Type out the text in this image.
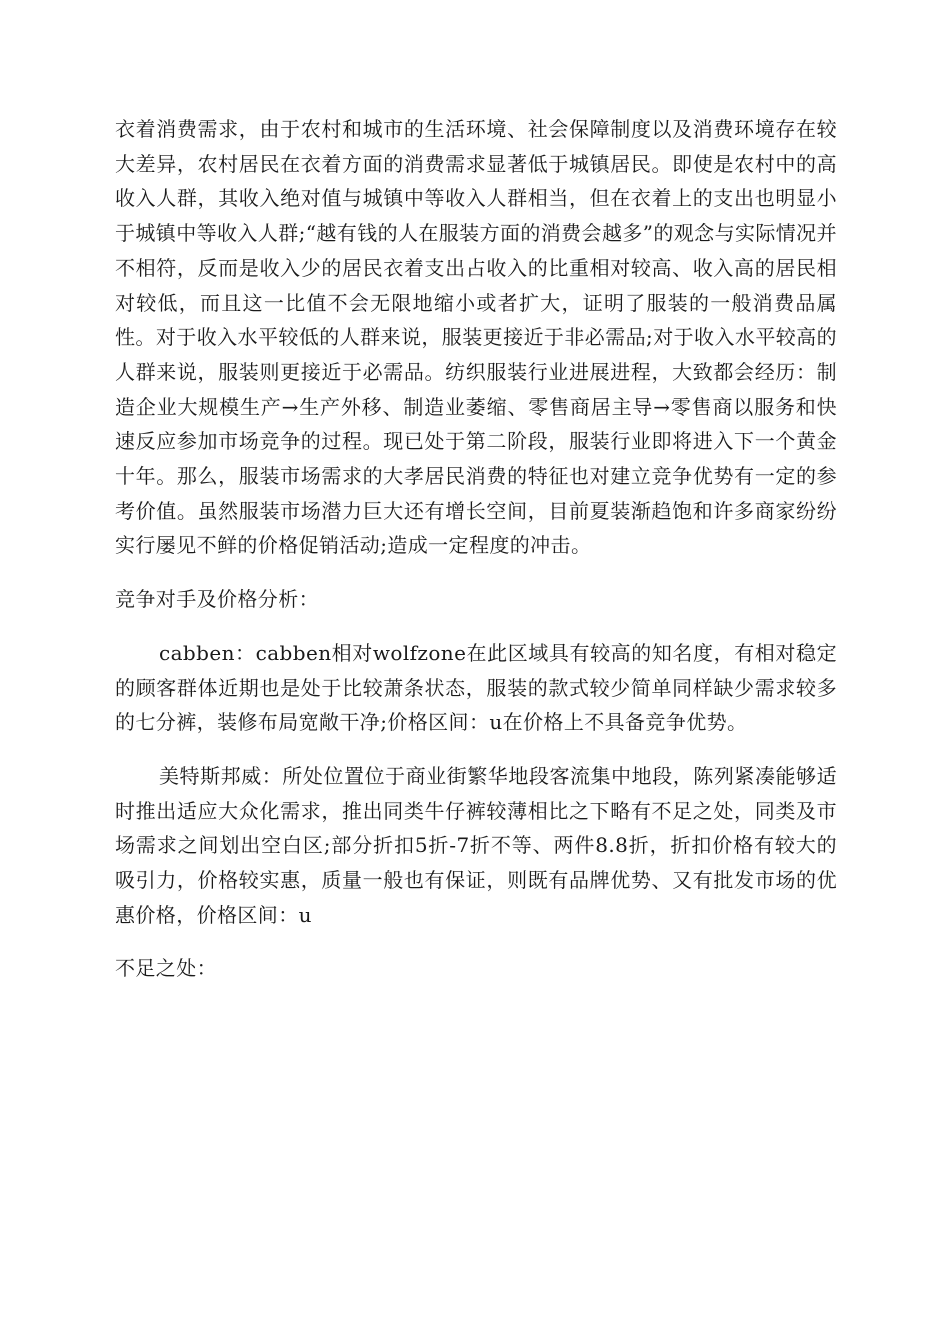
衣着消费需求，由于农村和城市的生活环境、社会保障制度以及消费环境存在较大差异，农村居民在衣着方面的消费需求显著低于城镇居民。即使是农村中的高收入人群，其收入绝对值与城镇中等收入人群相当，但在衣着上的支出也明显小于城镇中等收入人群;“越有钱的人在服装方面的消费会越多”的观念与实际情况并不相符，反而是收入少的居民衣着支出占收入的比重相对较高、收入高的居民相对较低，而且这一比值不会无限地缩小或者扩大，证明了服装的一般消费品属性。对于收入水平较低的人群来说，服装更接近于非必需品;对于收入水平较高的人群来说，服装则更接近于必需品。纺织服装行业进展进程，大致都会经历：制造企业大规模生产→生产外移、制造业萎缩、零售商居主导→零售商以服务和快速反应参加市场竞争的过程。现已处于第二阶段，服装行业即将进入下一个黄金十年。那么，服装市场需求的大孝居民消费的特征也对建立竞争优势有一定的参考价值。虽然服装市场潜力巨大还有增长空间，目前夏装渐趋饱和许多商家纷纷实行屡见不鲜的价格促销活动;造成一定程度的冲击。

竞争对手及价格分析：

cabben：cabben相对wolfzone在此区域具有较高的知名度，有相对稳定的顾客群体近期也是处于比较萧条状态，服装的款式较少简单同样缺少需求较多的七分裤，装修布局宽敞干净;价格区间：u在价格上不具备竞争优势。

美特斯邦威：所处位置位于商业街繁华地段客流集中地段，陈列紧凑能够适时推出适应大众化需求，推出同类牛仔裤较薄相比之下略有不足之处，同类及市场需求之间划出空白区;部分折扣5折-7折不等、两件8.8折，折扣价格有较大的吸引力，价格较实惠，质量一般也有保证，则既有品牌优势、又有批发市场的优惠价格，价格区间：u

不足之处：
